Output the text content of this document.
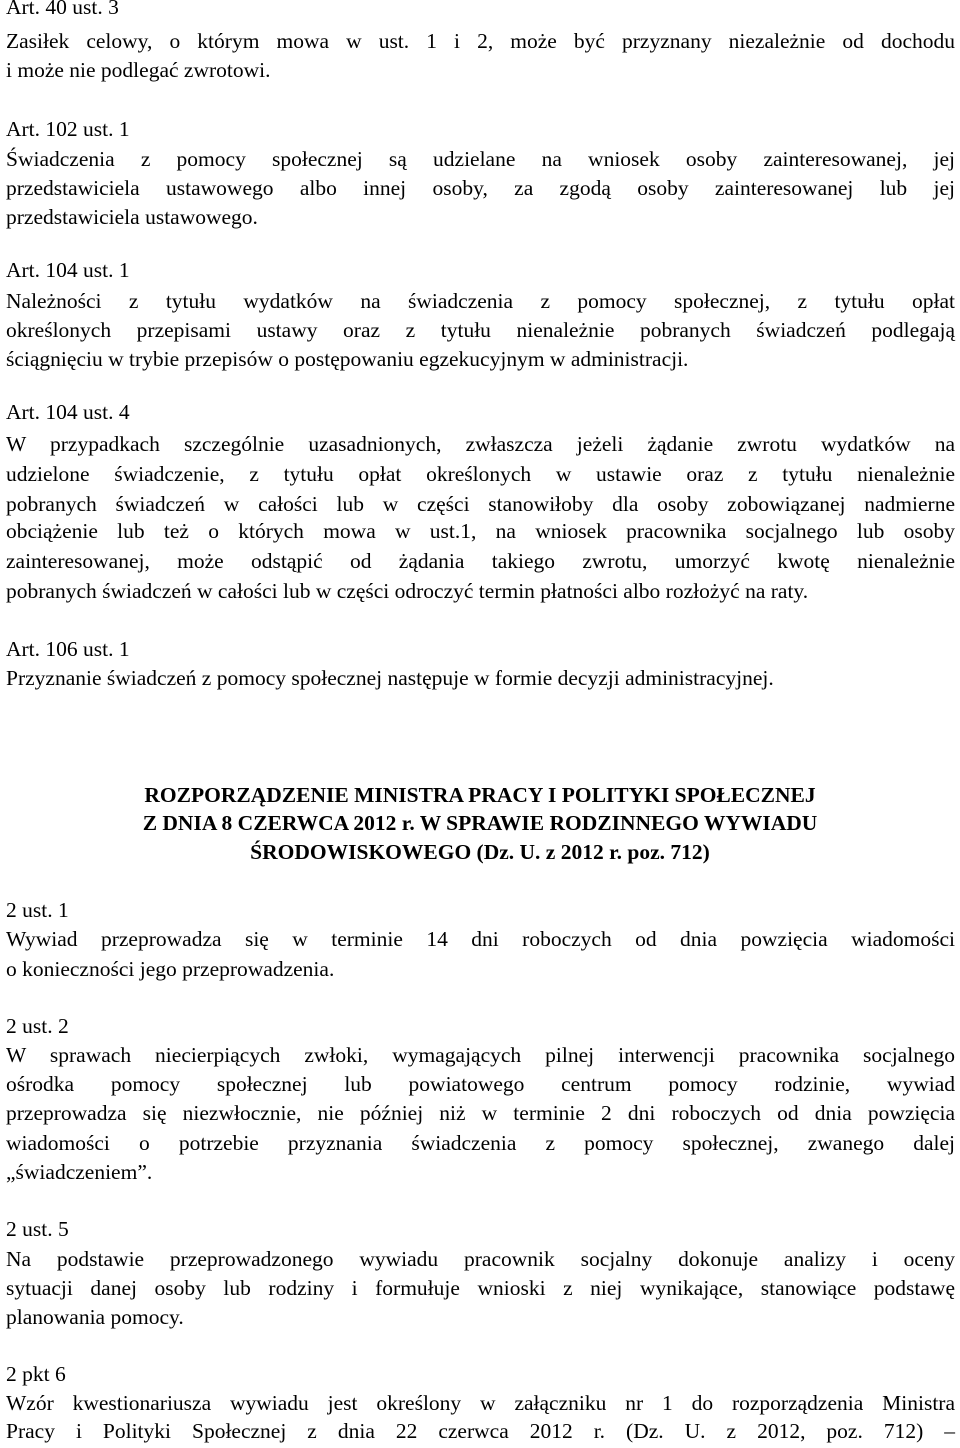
Art. 40 ust. 3

Zasiłek celowy, o którym mowa w ust. 1 i 2, może być przyznany niezależnie od dochodu

i może nie podlegać zwrotowi.

Art. 102 ust. 1

Świadczenia z pomocy społecznej są udzielane na wniosek osoby zainteresowanej, jej

przedstawiciela ustawowego albo innej osoby, za zgodą osoby zainteresowanej lub jej

przedstawiciela ustawowego.

Art. 104 ust. 1

Należności z tytułu wydatków na świadczenia z pomocy społecznej, z tytułu opłat

określonych przepisami ustawy oraz z tytułu nienależnie pobranych świadczeń podlegają

ściągnięciu w trybie przepisów o postępowaniu egzekucyjnym w administracji.

Art. 104 ust. 4

W przypadkach szczególnie uzasadnionych, zwłaszcza jeżeli żądanie zwrotu wydatków na

udzielone świadczenie, z tytułu opłat określonych w ustawie oraz z tytułu nienależnie

pobranych świadczeń w całości lub w części stanowiłoby dla osoby zobowiązanej nadmierne

obciążenie lub też o których mowa w ust.1, na wniosek pracownika socjalnego lub osoby

zainteresowanej, może odstąpić od żądania takiego zwrotu, umorzyć kwotę nienależnie

pobranych świadczeń w całości lub w części odroczyć termin płatności albo rozłożyć na raty.

Art. 106 ust. 1

Przyznanie świadczeń z pomocy społecznej następuje w formie decyzji administracyjnej.

ROZPORZĄDZENIE MINISTRA PRACY I POLITYKI SPOŁECZNEJ

Z DNIA 8 CZERWCA 2012 r. W SPRAWIE RODZINNEGO WYWIADU

ŚRODOWISKOWEGO (Dz. U. z 2012 r. poz. 712)

2 ust. 1

Wywiad przeprowadza się w terminie 14 dni roboczych od dnia powzięcia wiadomości

o konieczności jego przeprowadzenia.

2 ust. 2

W sprawach niecierpiących zwłoki, wymagających pilnej interwencji pracownika socjalnego

ośrodka pomocy społecznej lub powiatowego centrum pomocy rodzinie, wywiad

przeprowadza się niezwłocznie, nie później niż w terminie 2 dni roboczych od dnia powzięcia

wiadomości o potrzebie przyznania świadczenia z pomocy społecznej, zwanego dalej

„świadczeniem”.

2 ust. 5

Na podstawie przeprowadzonego wywiadu pracownik socjalny dokonuje analizy i oceny

sytuacji danej osoby lub rodziny i formułuje wnioski z niej wynikające, stanowiące podstawę

planowania pomocy.

2 pkt 6

Wzór kwestionariusza wywiadu jest określony w załączniku nr 1 do rozporządzenia Ministra

Pracy i Polityki Społecznej z dnia 22 czerwca 2012 r. (Dz. U. z 2012, poz. 712) –
